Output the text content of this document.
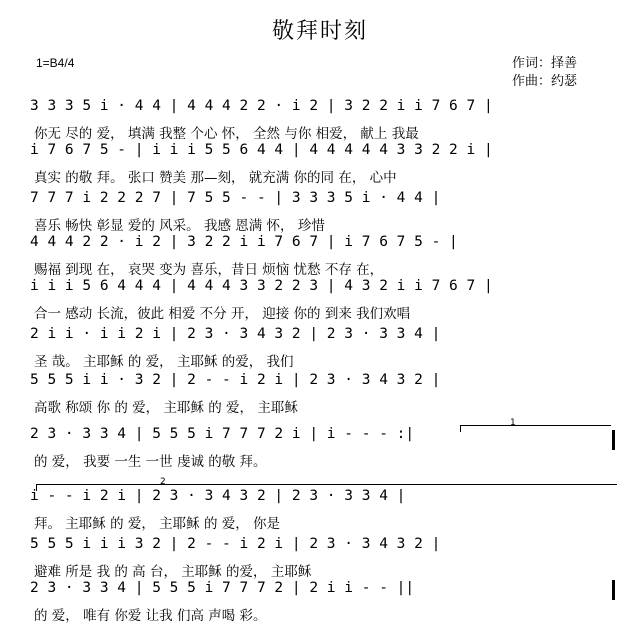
敬拜时刻
1=B4/4	作词：择善
作曲：约瑟
3 3 3 5 i · 4 4 | 4 4 4 2 2 · i 2 | 3 2 2 i i 7 6 7 |
你无 尽的 爱， 填满 我整 个心 怀， 全然 与你 相爱， 献上 我最
i 7 6 7 5 - | i i i 5 5 6 4 4 | 4 4 4 4 4 3 3 2 2 i |
真实 的敬 拜。 张口 赞美 那—刻， 就充满 你的同 在， 心中
7 7 7 i 2 2 2 7 | 7 5 5 - - | 3 3 3 5 i · 4 4 |
喜乐 畅快 彰显 爱的 风采。 我感 恩满 怀， 珍惜
4 4 4 2 2 · i 2 | 3 2 2 i i 7 6 7 | i 7 6 7 5 - |
赐福 到现 在， 哀哭 变为 喜乐，昔日 烦恼 忧愁 不存 在，
i i i 5 6 4 4 4 | 4 4 4 3 3 2 2 3 | 4 3 2 i i 7 6 7 |
合一 感动 长流，彼此 相爱 不分 开， 迎接 你的 到来 我们欢唱
2 i i · i i 2 i | 2 3 · 3 4 3 2 | 2 3 · 3 3 4 |
圣 哉。 主耶稣 的 爱， 主耶稣 的爱， 我们
5 5 5 i i · 3 2 | 2 - - i 2 i | 2 3 · 3 4 3 2 |
高歌 称颂 你 的 爱， 主耶稣 的 爱， 主耶稣
2 3 · 3 3 4 | 5 5 5 i 7 7 7 2 i | i - - - :|
的 爱， 我要 一生 一世 虔诚 的敬 拜。
i - - i 2 i | 2 3 · 3 4 3 2 | 2 3 · 3 3 4 |
拜。 主耶稣 的 爱， 主耶稣 的 爱， 你是
5 5 5 i i i 3 2 | 2 - - i 2 i | 2 3 · 3 4 3 2 |
避难 所是 我 的 高 台， 主耶稣 的爱， 主耶稣
2 3 · 3 3 4 | 5 5 5 i 7 7 7 2 | 2 i i - - ||
的 爱， 唯有 你爱 让我 们高 声喝 彩。
1
2
